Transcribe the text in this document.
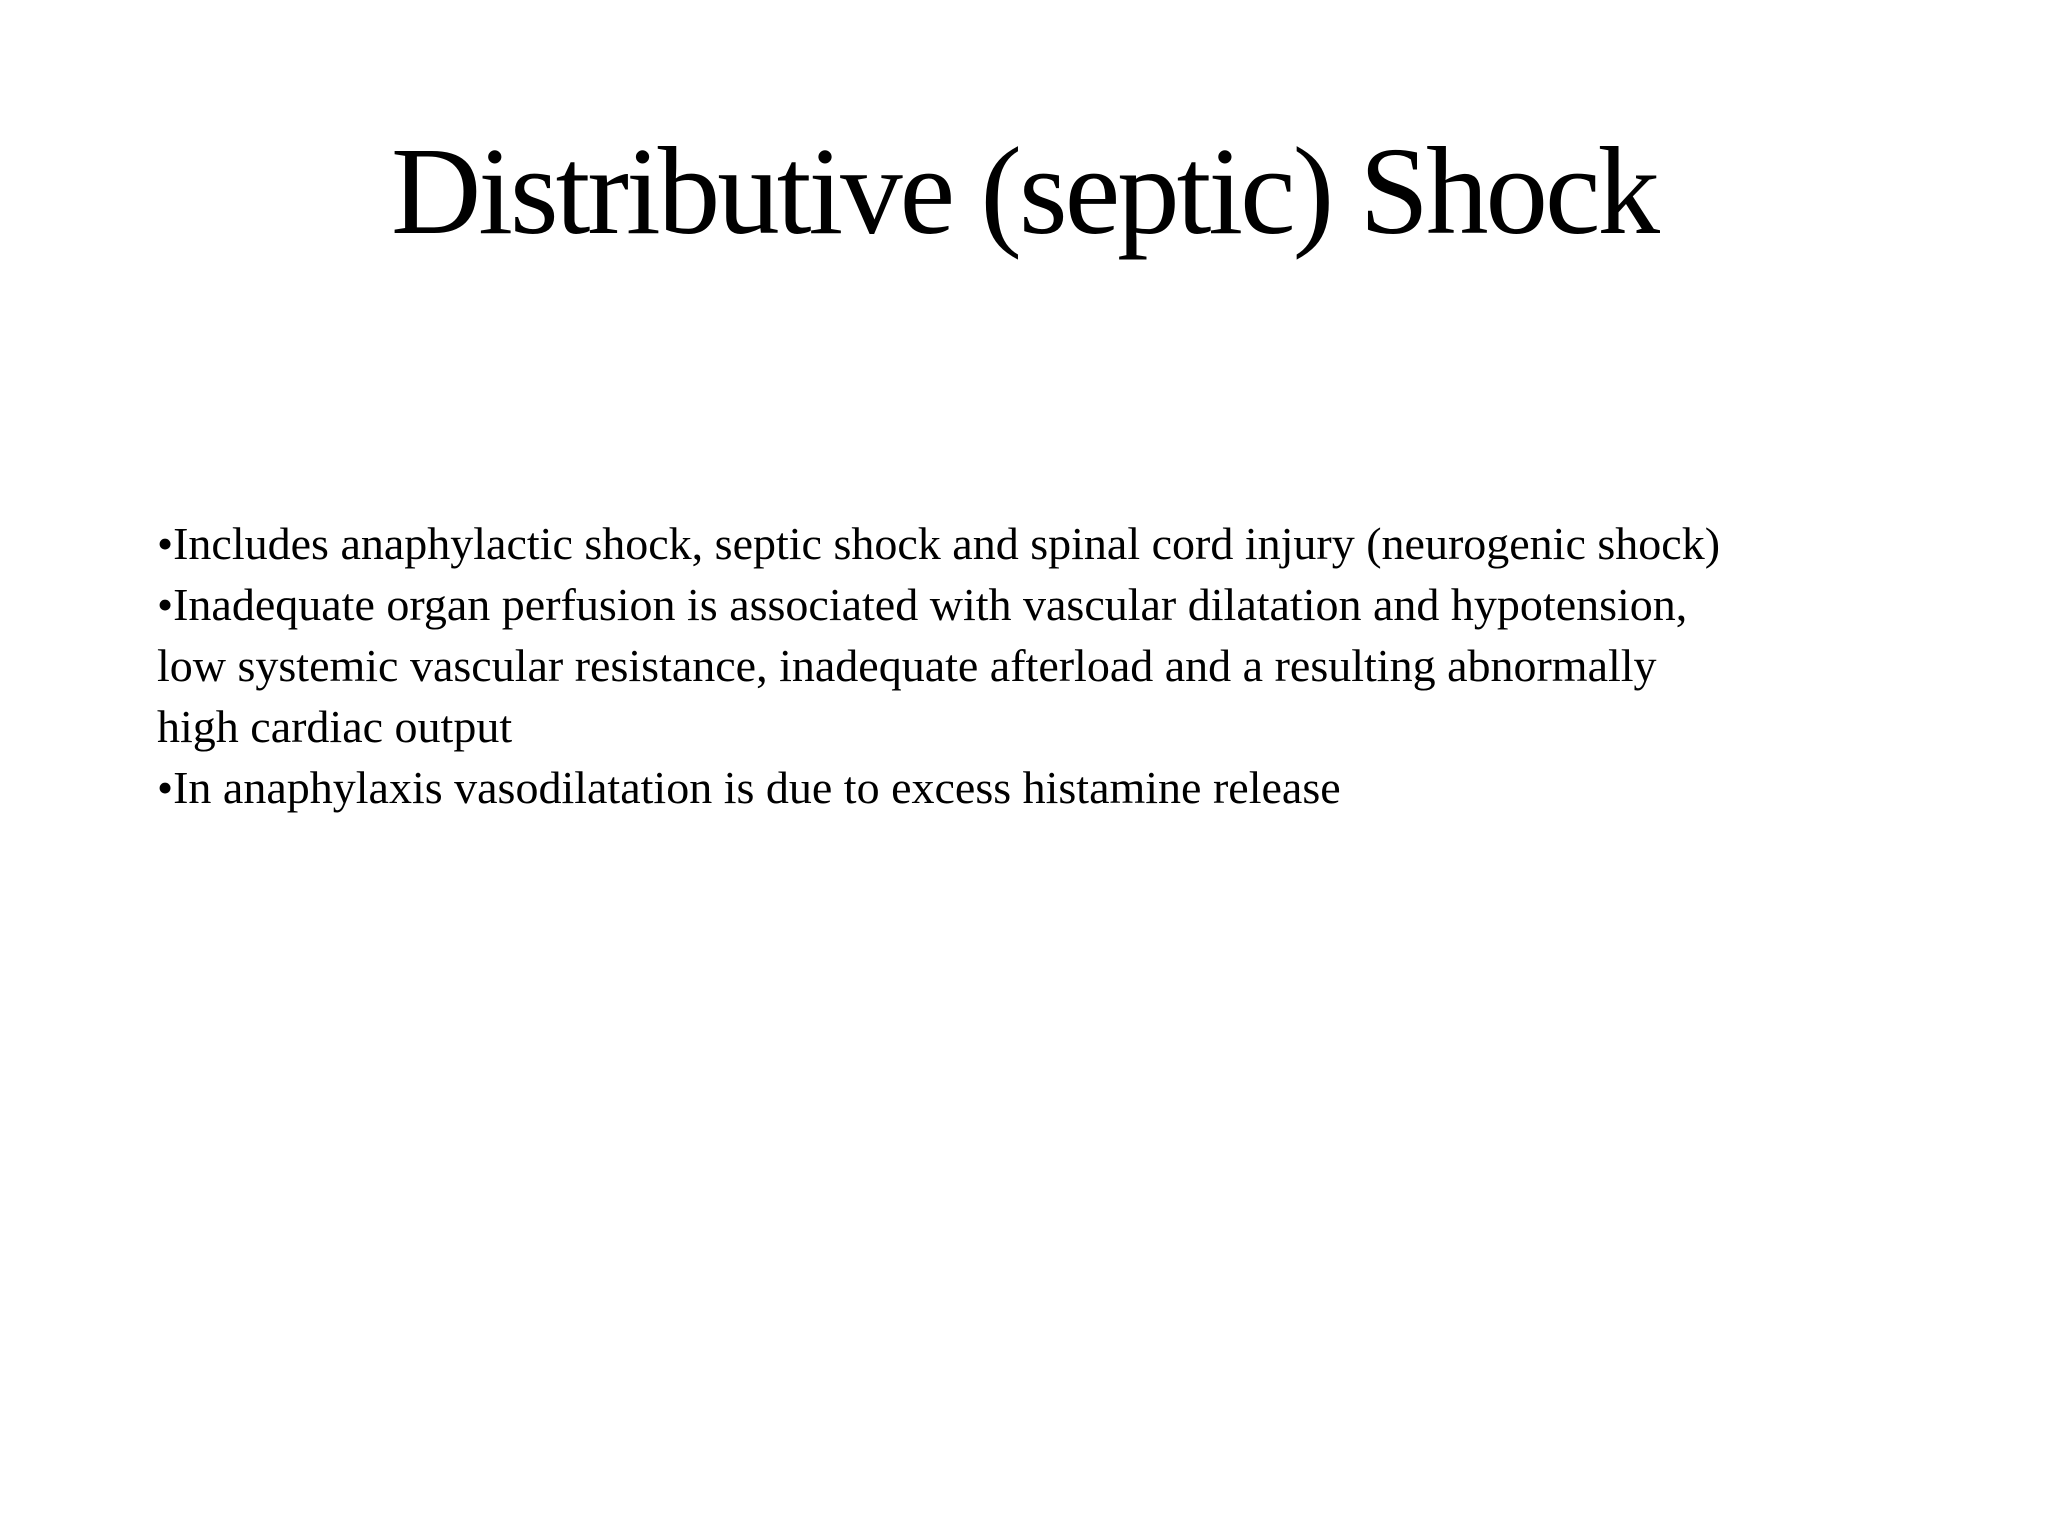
Distributive (septic) Shock
•Includes anaphylactic shock, septic shock and spinal cord injury (neurogenic shock)
•Inadequate organ perfusion is associated with vascular dilatation and hypotension,
low systemic vascular resistance, inadequate afterload and a resulting abnormally
high cardiac output
•In anaphylaxis vasodilatation is due to excess histamine release
